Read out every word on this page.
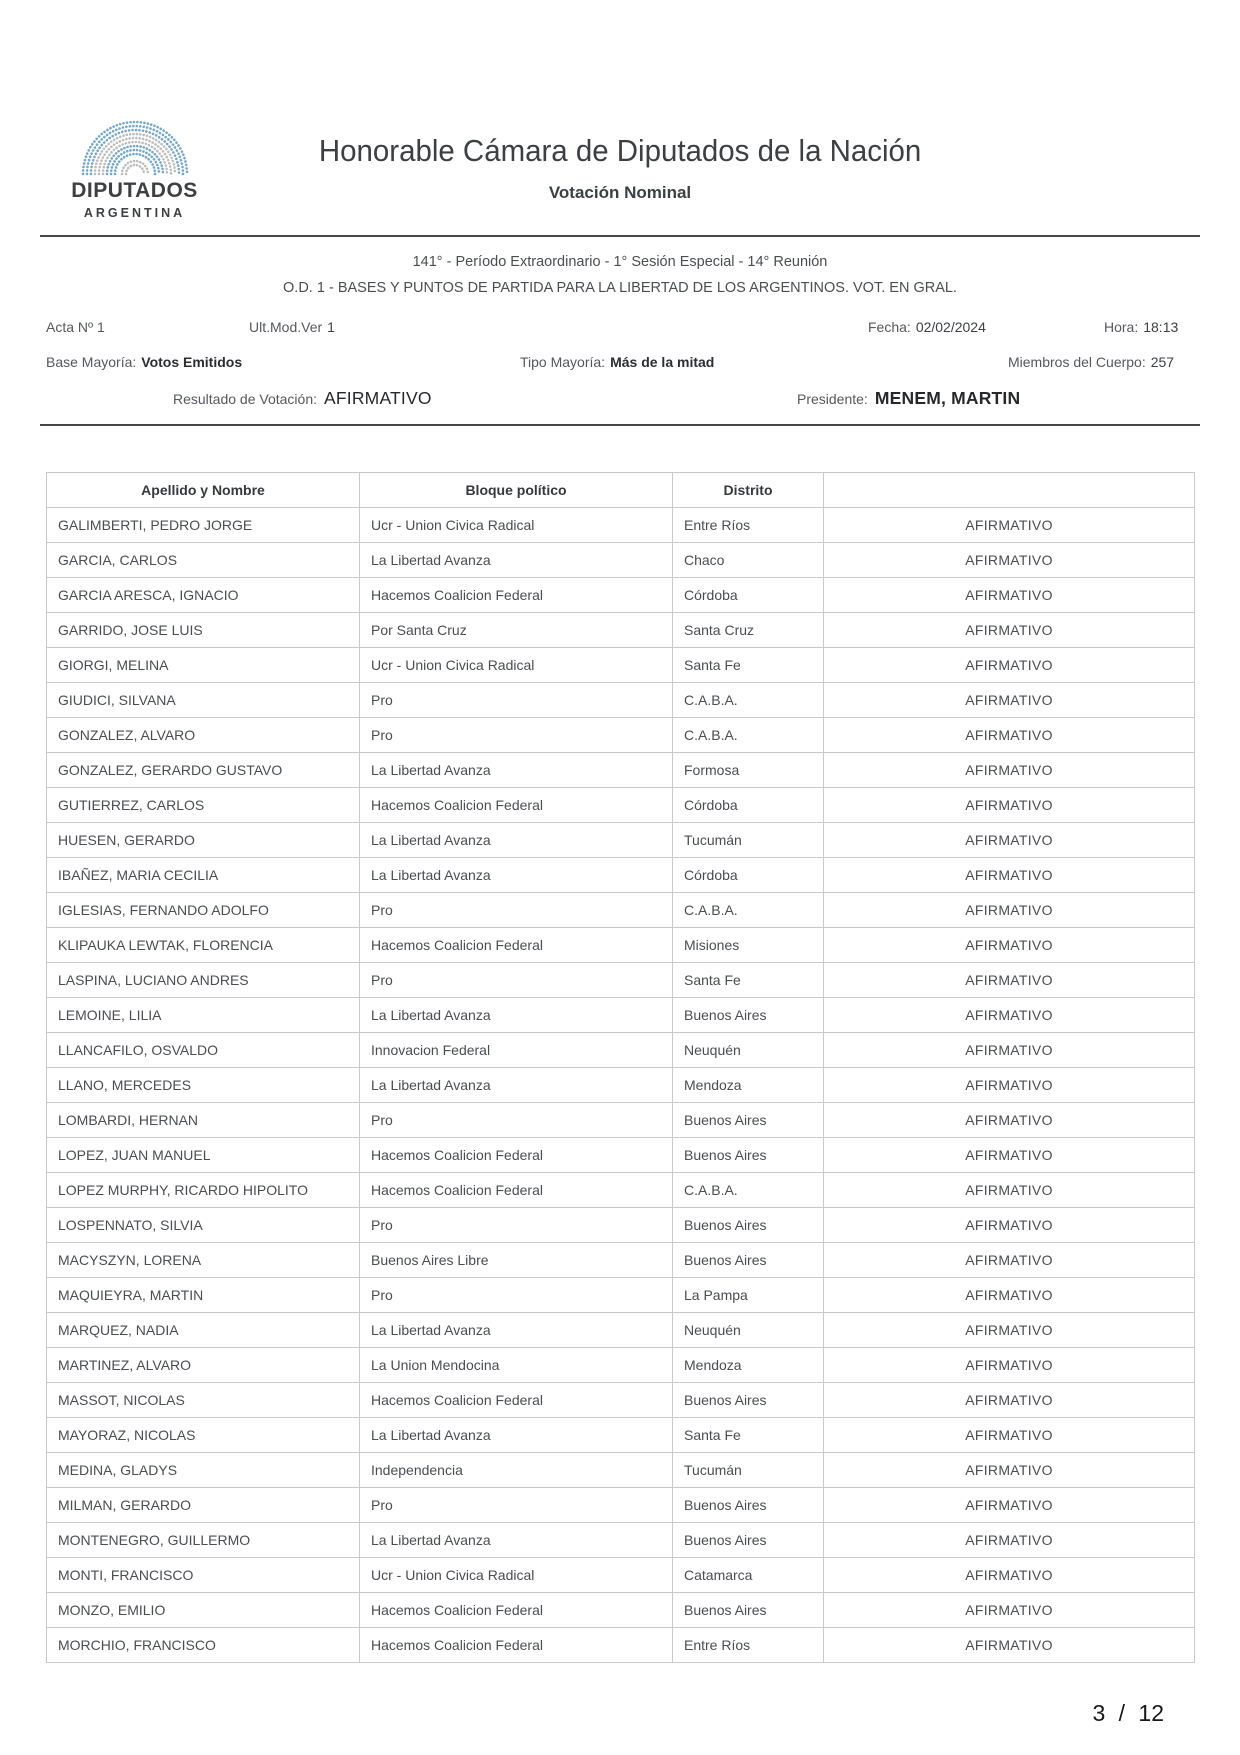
DIPUTADOS
ARGENTINA
Honorable Cámara de Diputados de la Nación
Votación Nominal
141° - Período Extraordinario - 1° Sesión Especial - 14° Reunión
O.D. 1 - BASES Y PUNTOS DE PARTIDA PARA LA LIBERTAD DE LOS ARGENTINOS. VOT. EN GRAL.
Acta Nº 1	Ult.Mod.Ver 1	Fecha: 02/02/2024	Hora: 18:13
Base Mayoría: Votos Emitidos	Tipo Mayoría: Más de la mitad	Miembros del Cuerpo: 257
Resultado de Votación: AFIRMATIVO	Presidente: MENEM, MARTIN
Apellido y Nombre	Bloque político	Distrito	
GALIMBERTI, PEDRO JORGE	Ucr - Union Civica Radical	Entre Ríos	AFIRMATIVO
GARCIA, CARLOS	La Libertad Avanza	Chaco	AFIRMATIVO
GARCIA ARESCA, IGNACIO	Hacemos Coalicion Federal	Córdoba	AFIRMATIVO
GARRIDO, JOSE LUIS	Por Santa Cruz	Santa Cruz	AFIRMATIVO
GIORGI, MELINA	Ucr - Union Civica Radical	Santa Fe	AFIRMATIVO
GIUDICI, SILVANA	Pro	C.A.B.A.	AFIRMATIVO
GONZALEZ, ALVARO	Pro	C.A.B.A.	AFIRMATIVO
GONZALEZ, GERARDO GUSTAVO	La Libertad Avanza	Formosa	AFIRMATIVO
GUTIERREZ, CARLOS	Hacemos Coalicion Federal	Córdoba	AFIRMATIVO
HUESEN, GERARDO	La Libertad Avanza	Tucumán	AFIRMATIVO
IBAÑEZ, MARIA CECILIA	La Libertad Avanza	Córdoba	AFIRMATIVO
IGLESIAS, FERNANDO ADOLFO	Pro	C.A.B.A.	AFIRMATIVO
KLIPAUKA LEWTAK, FLORENCIA	Hacemos Coalicion Federal	Misiones	AFIRMATIVO
LASPINA, LUCIANO ANDRES	Pro	Santa Fe	AFIRMATIVO
LEMOINE, LILIA	La Libertad Avanza	Buenos Aires	AFIRMATIVO
LLANCAFILO, OSVALDO	Innovacion Federal	Neuquén	AFIRMATIVO
LLANO, MERCEDES	La Libertad Avanza	Mendoza	AFIRMATIVO
LOMBARDI, HERNAN	Pro	Buenos Aires	AFIRMATIVO
LOPEZ, JUAN MANUEL	Hacemos Coalicion Federal	Buenos Aires	AFIRMATIVO
LOPEZ MURPHY, RICARDO HIPOLITO	Hacemos Coalicion Federal	C.A.B.A.	AFIRMATIVO
LOSPENNATO, SILVIA	Pro	Buenos Aires	AFIRMATIVO
MACYSZYN, LORENA	Buenos Aires Libre	Buenos Aires	AFIRMATIVO
MAQUIEYRA, MARTIN	Pro	La Pampa	AFIRMATIVO
MARQUEZ, NADIA	La Libertad Avanza	Neuquén	AFIRMATIVO
MARTINEZ, ALVARO	La Union Mendocina	Mendoza	AFIRMATIVO
MASSOT, NICOLAS	Hacemos Coalicion Federal	Buenos Aires	AFIRMATIVO
MAYORAZ, NICOLAS	La Libertad Avanza	Santa Fe	AFIRMATIVO
MEDINA, GLADYS	Independencia	Tucumán	AFIRMATIVO
MILMAN, GERARDO	Pro	Buenos Aires	AFIRMATIVO
MONTENEGRO, GUILLERMO	La Libertad Avanza	Buenos Aires	AFIRMATIVO
MONTI, FRANCISCO	Ucr - Union Civica Radical	Catamarca	AFIRMATIVO
MONZO, EMILIO	Hacemos Coalicion Federal	Buenos Aires	AFIRMATIVO
MORCHIO, FRANCISCO	Hacemos Coalicion Federal	Entre Ríos	AFIRMATIVO
3 / 12
